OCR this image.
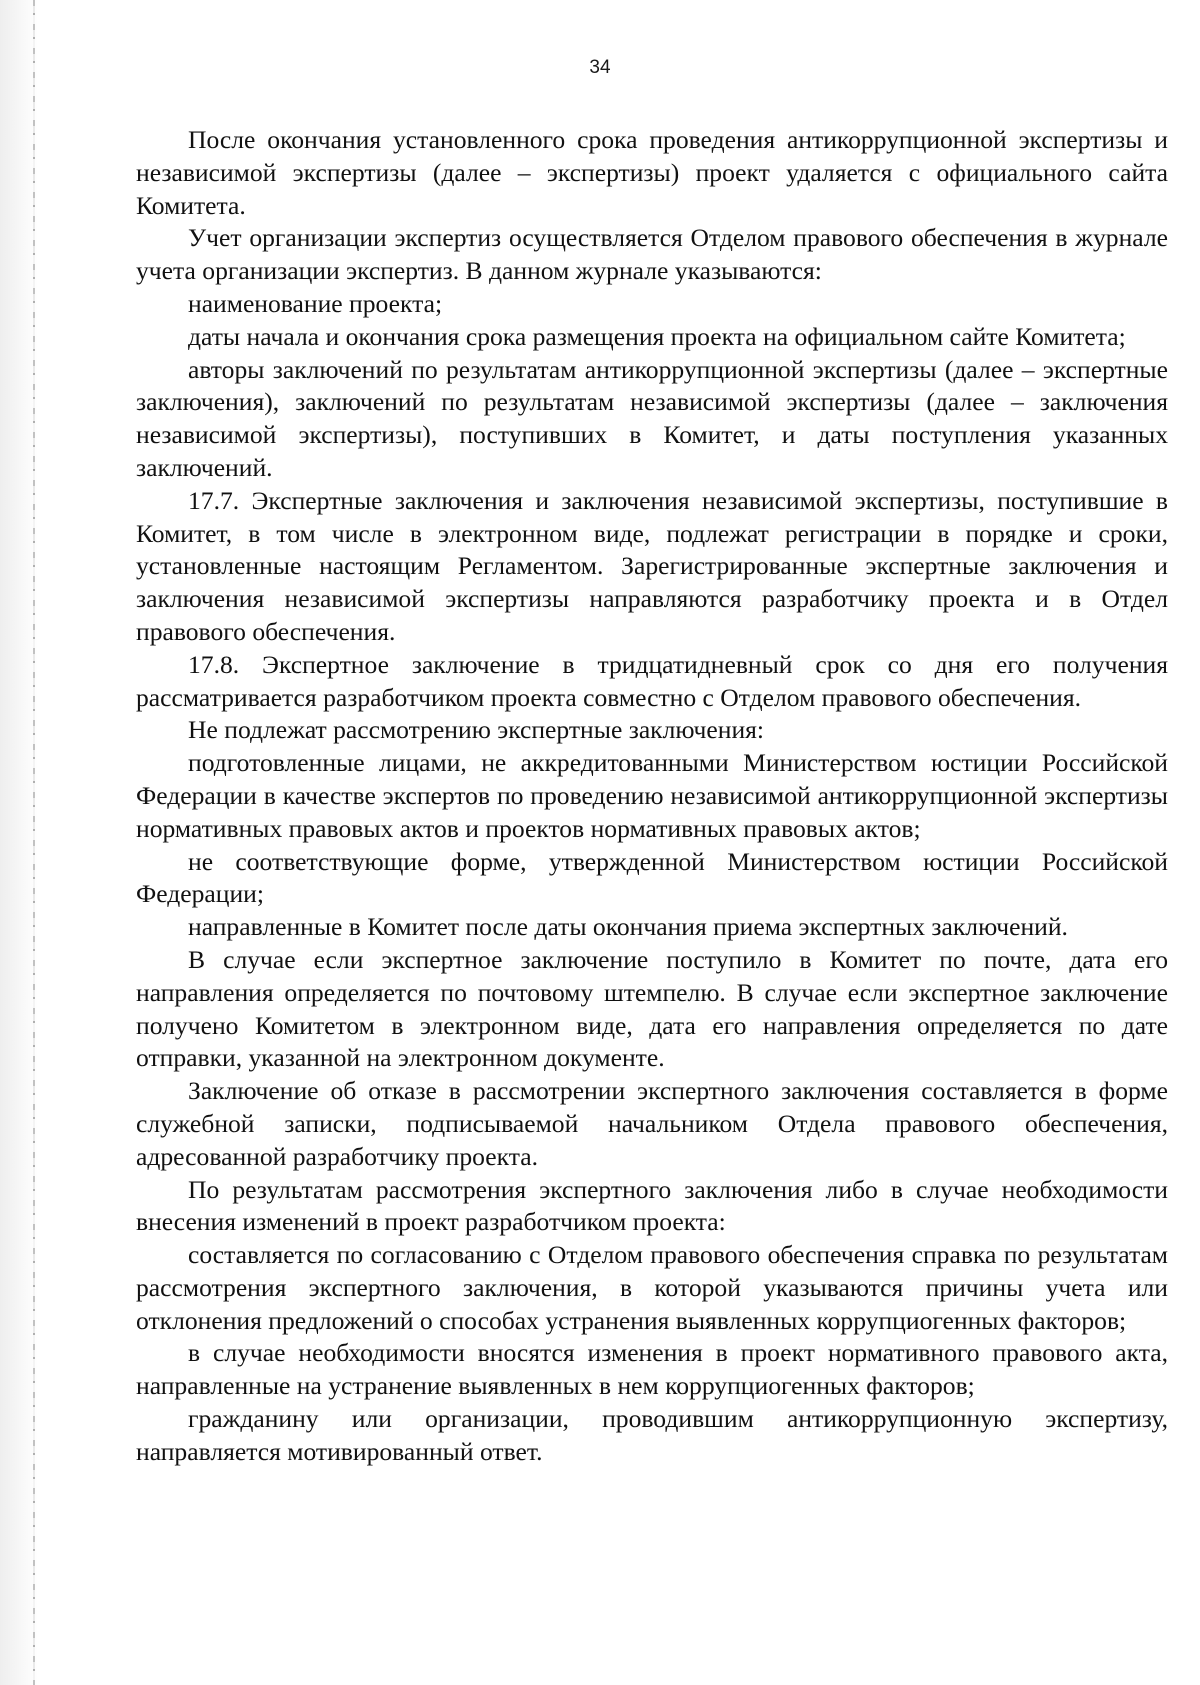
34

После окончания установленного срока проведения антикоррупционной экспертизы и независимой экспертизы (далее – экспертизы) проект удаляется с официального сайта Комитета.

Учет организации экспертиз осуществляется Отделом правового обеспечения в журнале учета организации экспертиз. В данном журнале указываются:

наименование проекта;

даты начала и окончания срока размещения проекта на официальном сайте Комитета;

авторы заключений по результатам антикоррупционной экспертизы (далее – экспертные заключения), заключений по результатам независимой экспертизы (далее – заключения независимой экспертизы), поступивших в Комитет, и даты поступления указанных заключений.

17.7. Экспертные заключения и заключения независимой экспертизы, поступившие в Комитет, в том числе в электронном виде, подлежат регистрации в порядке и сроки, установленные настоящим Регламентом. Зарегистрированные экспертные заключения и заключения независимой экспертизы направляются разработчику проекта и в Отдел правового обеспечения.

17.8. Экспертное заключение в тридцатидневный срок со дня его получения рассматривается разработчиком проекта совместно с Отделом правового обеспечения.

Не подлежат рассмотрению экспертные заключения:

подготовленные лицами, не аккредитованными Министерством юстиции Российской Федерации в качестве экспертов по проведению независимой антикоррупционной экспертизы нормативных правовых актов и проектов нормативных правовых актов;

не соответствующие форме, утвержденной Министерством юстиции Российской Федерации;

направленные в Комитет после даты окончания приема экспертных заключений.

В случае если экспертное заключение поступило в Комитет по почте, дата его направления определяется по почтовому штемпелю. В случае если экспертное заключение получено Комитетом в электронном виде, дата его направления определяется по дате отправки, указанной на электронном документе.

Заключение об отказе в рассмотрении экспертного заключения составляется в форме служебной записки, подписываемой начальником Отдела правового обеспечения, адресованной разработчику проекта.

По результатам рассмотрения экспертного заключения либо в случае необходимости внесения изменений в проект разработчиком проекта:

составляется по согласованию с Отделом правового обеспечения справка по результатам рассмотрения экспертного заключения, в которой указываются причины учета или отклонения предложений о способах устранения выявленных коррупциогенных факторов;

в случае необходимости вносятся изменения в проект нормативного правового акта, направленные на устранение выявленных в нем коррупциогенных факторов;

гражданину или организации, проводившим антикоррупционную экспертизу, направляется мотивированный ответ.
